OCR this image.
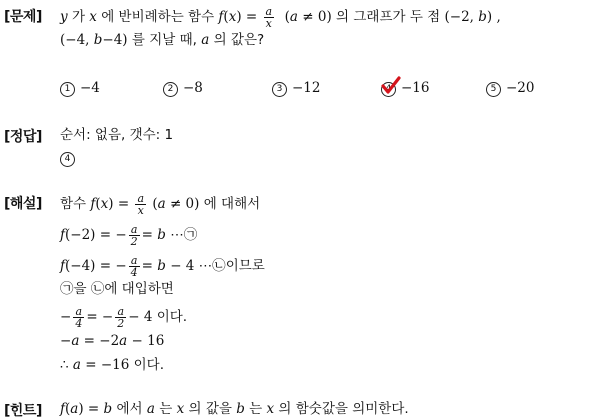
[문제]
[정답]
[해설]
[힌트]
y 가 x 에 반비례하는 함수 $f(x) = \frac{a}{x} (a \ne 0)$ 의 그래프가 두 점 (−2, b) ,
(−4, b−4) 를 지날 때, a 의 값은?
1 −4	2 −8	3 −12	4 −16	5 −20
순서: 없음, 갯수: 1
4
함수 $f(x) = \frac{a}{x} (a \ne 0)$ 에 대해서
f(−2) = − $\frac{a}{2} = b$ ⋯㉠
f(−4) = − $\frac{a}{4} = b - 4$ ⋯㉡이므로
㉠을 ㉡에 대입하면
− $\frac{a}{4}$ = − $\frac{a}{2} - 4$ 이다.
−a = −2a − 16
∴ a = −16 이다.
f(a) = b 에서 a 는 x 의 값을 b 는 x 의 함숫값을 의미한다.
